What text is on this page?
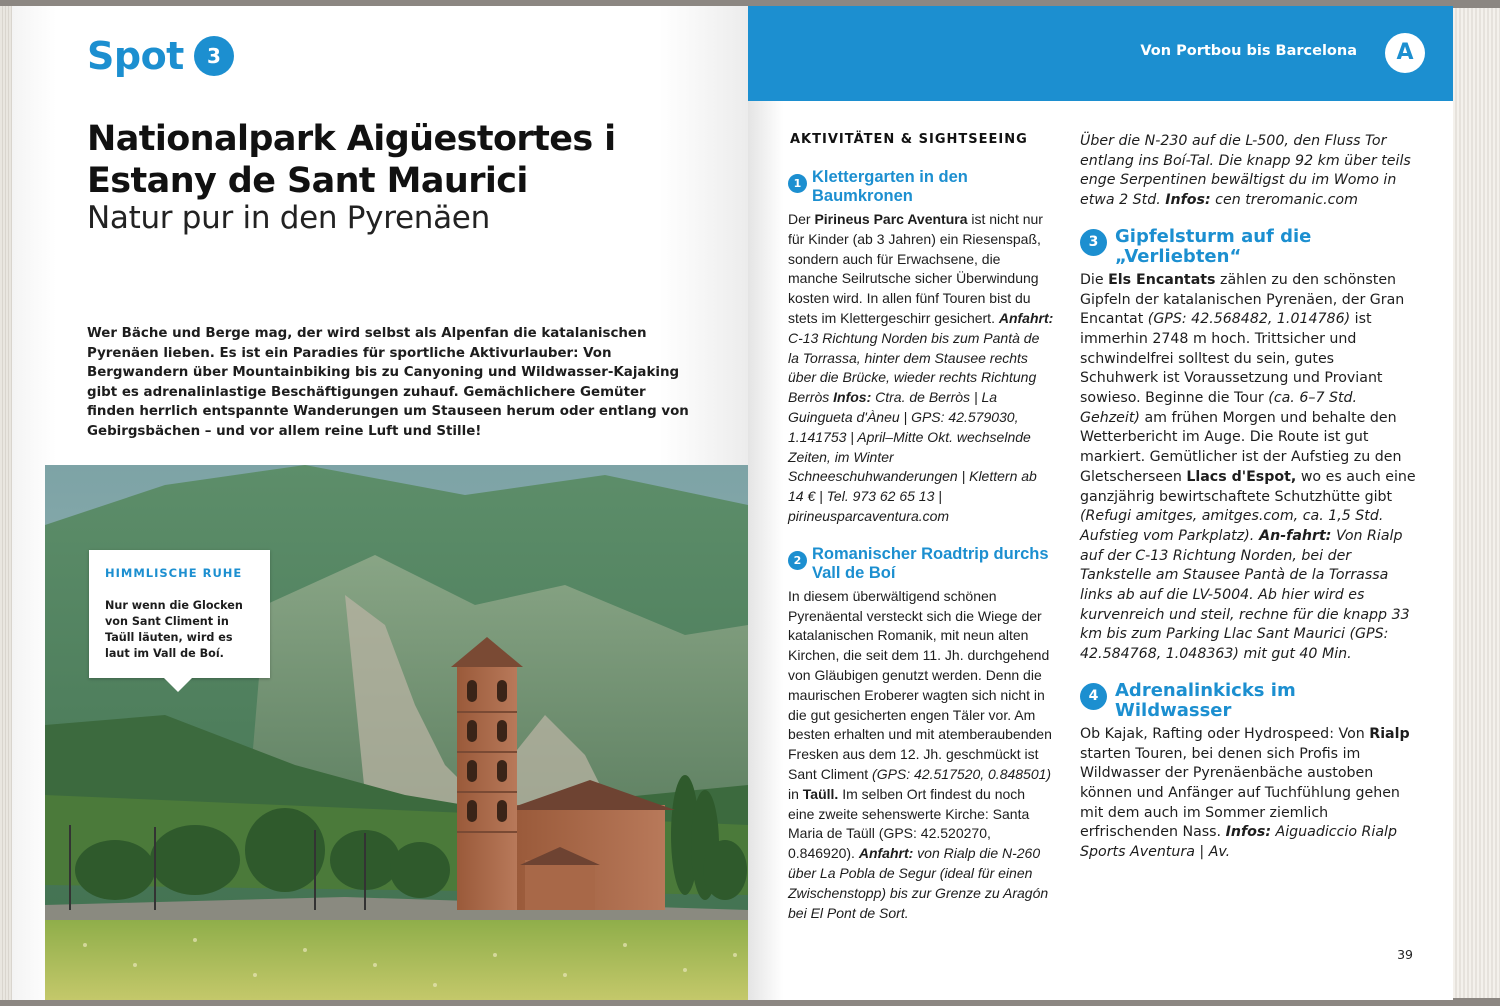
Spot	3
Nationalpark Aigüestortes i
Estany de Sant Maurici
Natur pur in den Pyrenäen
Wer Bäche und Berge mag, der wird selbst als Alpenfan die katalanischen Pyrenäen lieben. Es ist ein Paradies für sportliche Aktivurlauber: Von Bergwandern über Mountainbiking bis zu Canyoning und Wildwasser-Kajaking gibt es adrenalinlastige Beschäftigungen zuhauf. Gemächlichere Gemüter finden herrlich entspannte Wanderungen um Stauseen herum oder entlang von Gebirgsbächen – und vor allem reine Luft und Stille!
HIMMLISCHE RUHE
Nur wenn die Glocken von Sant Climent in Taüll läuten, wird es laut im Vall de Boí.
Von Portbou bis Barcelona	A
AKTIVITÄTEN & SIGHTSEEING
1 Klettergarten in den Baumkronen
Der Pirineus Parc Aventura ist nicht nur für Kinder (ab 3 Jahren) ein Riesenspaß, sondern auch für Erwachsene, die manche Seilrutsche sicher Überwindung kosten wird. In allen fünf Touren bist du stets im Klettergeschirr gesichert. Anfahrt: C-13 Richtung Norden bis zum Pantà de la Torrassa, hinter dem Stausee rechts über die Brücke, wieder rechts Richtung Berròs Infos: Ctra. de Berròs | La Guingueta d'Àneu | GPS: 42.579030, 1.141753 | April–Mitte Okt. wechselnde Zeiten, im Winter Schneeschuhwanderungen | Klettern ab 14 € | Tel. 973 62 65 13 | pirineusparcaventura.com
2 Romanischer Roadtrip durchs Vall de Boí
In diesem überwältigend schönen Pyrenäental versteckt sich die Wiege der katalanischen Romanik, mit neun alten Kirchen, die seit dem 11. Jh. durchgehend von Gläubigen genutzt werden. Denn die maurischen Eroberer wagten sich nicht in die gut gesicherten engen Täler vor. Am besten erhalten und mit atemberaubenden Fresken aus dem 12. Jh. geschmückt ist Sant Climent (GPS: 42.517520, 0.848501) in Taüll. Im selben Ort findest du noch eine zweite sehenswerte Kirche: Santa Maria de Taüll (GPS: 42.520270, 0.846920). Anfahrt: von Rialp die N-260 über La Pobla de Segur (ideal für einen Zwischenstopp) bis zur Grenze zu Aragón bei El Pont de Sort.
Über die N-230 auf die L-500, den Fluss Tor entlang ins Boí-Tal. Die knapp 92 km über teils enge Serpentinen bewältigst du im Womo in etwa 2 Std. Infos: cen treromanic.com
3 Gipfelsturm auf die „Verliebten“
Die Els Encantats zählen zu den schönsten Gipfeln der katalanischen Pyrenäen, der Gran Encantat (GPS: 42.568482, 1.014786) ist immerhin 2748 m hoch. Trittsicher und schwindelfrei solltest du sein, gutes Schuhwerk ist Voraussetzung und Proviant sowieso. Beginne die Tour (ca. 6–7 Std. Gehzeit) am frühen Morgen und behalte den Wetterbericht im Auge. Die Route ist gut markiert. Gemütlicher ist der Aufstieg zu den Gletscherseen Llacs d'Espot, wo es auch eine ganzjährig bewirtschaftete Schutzhütte gibt (Refugi amitges, amitges.com, ca. 1,5 Std. Aufstieg vom Parkplatz). An-fahrt: Von Rialp auf der C-13 Richtung Norden, bei der Tankstelle am Stausee Pantà de la Torrassa links ab auf die LV-5004. Ab hier wird es kurvenreich und steil, rechne für die knapp 33 km bis zum Parking Llac Sant Maurici (GPS: 42.584768, 1.048363) mit gut 40 Min.
4 Adrenalinkicks im Wildwasser
Ob Kajak, Rafting oder Hydrospeed: Von Rialp starten Touren, bei denen sich Profis im Wildwasser der Pyrenäenbäche austoben können und Anfänger auf Tuchfühlung gehen mit dem auch im Sommer ziemlich erfrischenden Nass. Infos: Aiguadiccio Rialp Sports Aventura | Av.
39
